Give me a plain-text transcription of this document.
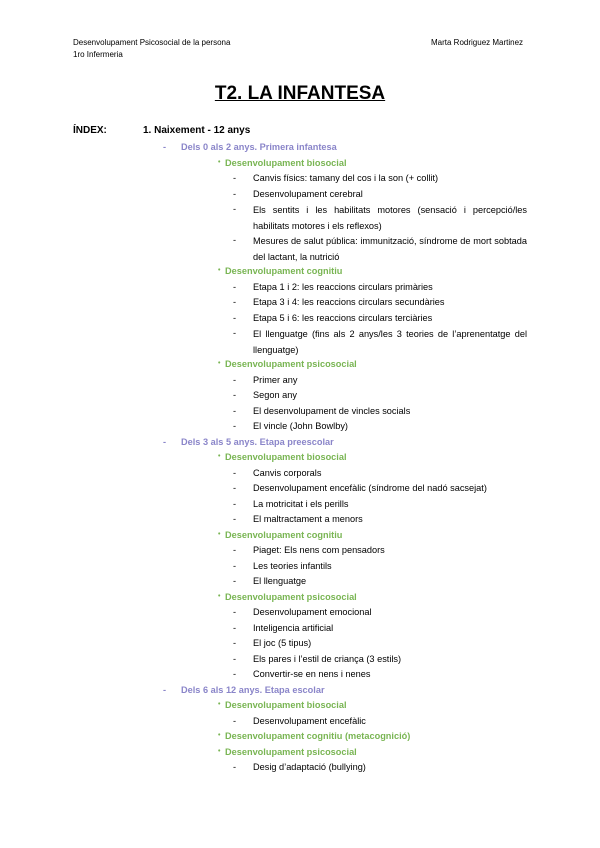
Desenvolupament Psicosocial de la persona
1ro Infermeria
Marta Rodriguez Martinez
T2. LA INFANTESA
ÍNDEX:	1. Naixement - 12 anys
- Dels 0 als 2 anys. Primera infantesa
• Desenvolupament biosocial
- Canvis físics: tamany del cos i la son (+ collit)
- Desenvolupament cerebral
- Els sentits i les habilitats motores (sensació i percepció/les habilitats motores i els reflexos)
- Mesures de salut pública: immunització, síndrome de mort sobtada del lactant, la nutrició
• Desenvolupament cognitiu
- Etapa 1 i 2: les reaccions circulars primàries
- Etapa 3 i 4: les reaccions circulars secundàries
- Etapa 5 i 6: les reaccions circulars terciàries
- El llenguatge (fins als 2 anys/les 3 teories de l’aprenentatge del llenguatge)
• Desenvolupament psicosocial
- Primer any
- Segon any
- El desenvolupament de vincles socials
- El vincle (John Bowlby)
- Dels 3 als 5 anys. Etapa preescolar
• Desenvolupament biosocial
- Canvis corporals
- Desenvolupament encefàlic (síndrome del nadó sacsejat)
- La motricitat i els perills
- El maltractament a menors
• Desenvolupament cognitiu
- Piaget: Els nens com pensadors
- Les teories infantils
- El llenguatge
• Desenvolupament psicosocial
- Desenvolupament emocional
- Inteligencia artificial
- El joc (5 tipus)
- Els pares i l’estil de criança (3 estils)
- Convertir-se en nens i nenes
- Dels 6 als 12 anys. Etapa escolar
• Desenvolupament biosocial
- Desenvolupament encefàlic
• Desenvolupament cognitiu (metacognició)
• Desenvolupament psicosocial
- Desig d’adaptació (bullying)
